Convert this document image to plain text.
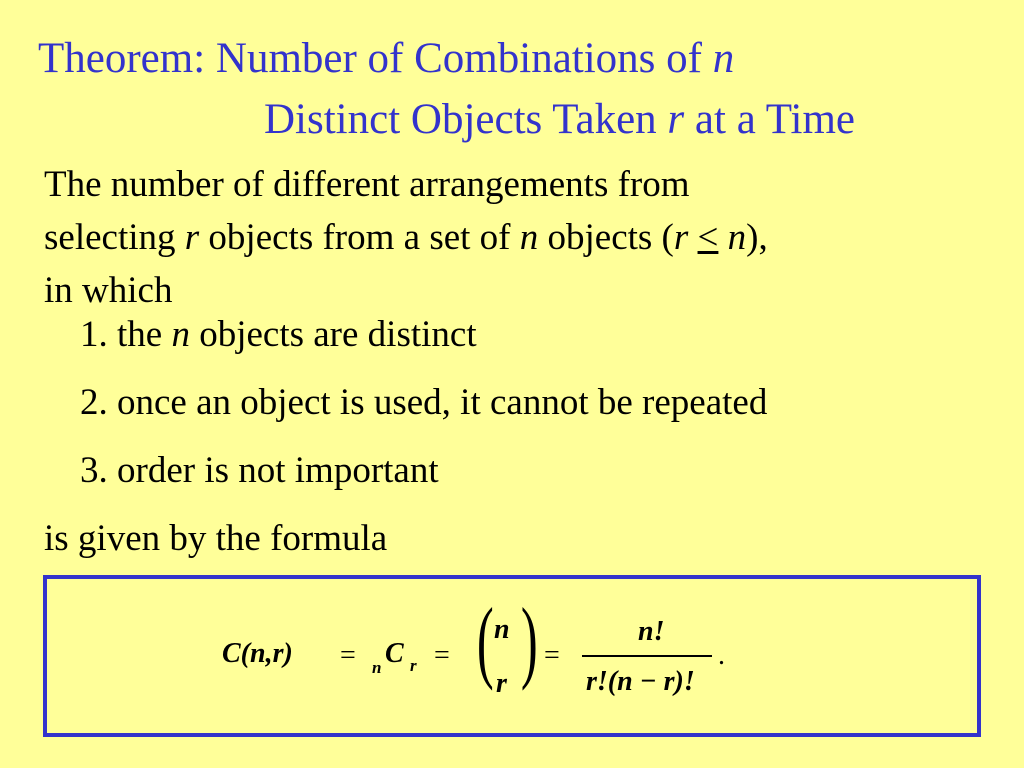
Theorem: Number of Combinations of n
Distinct Objects Taken r at a Time
The number of different arrangements from
selecting r objects from a set of n objects (r ≤ n),
in which
1. the n objects are distinct
2. once an object is used, it cannot be repeated
3. order is not important
is given by the formula
C(n,r) = n C r = ( n
r ) =
n!
r!(n − r)!
.
